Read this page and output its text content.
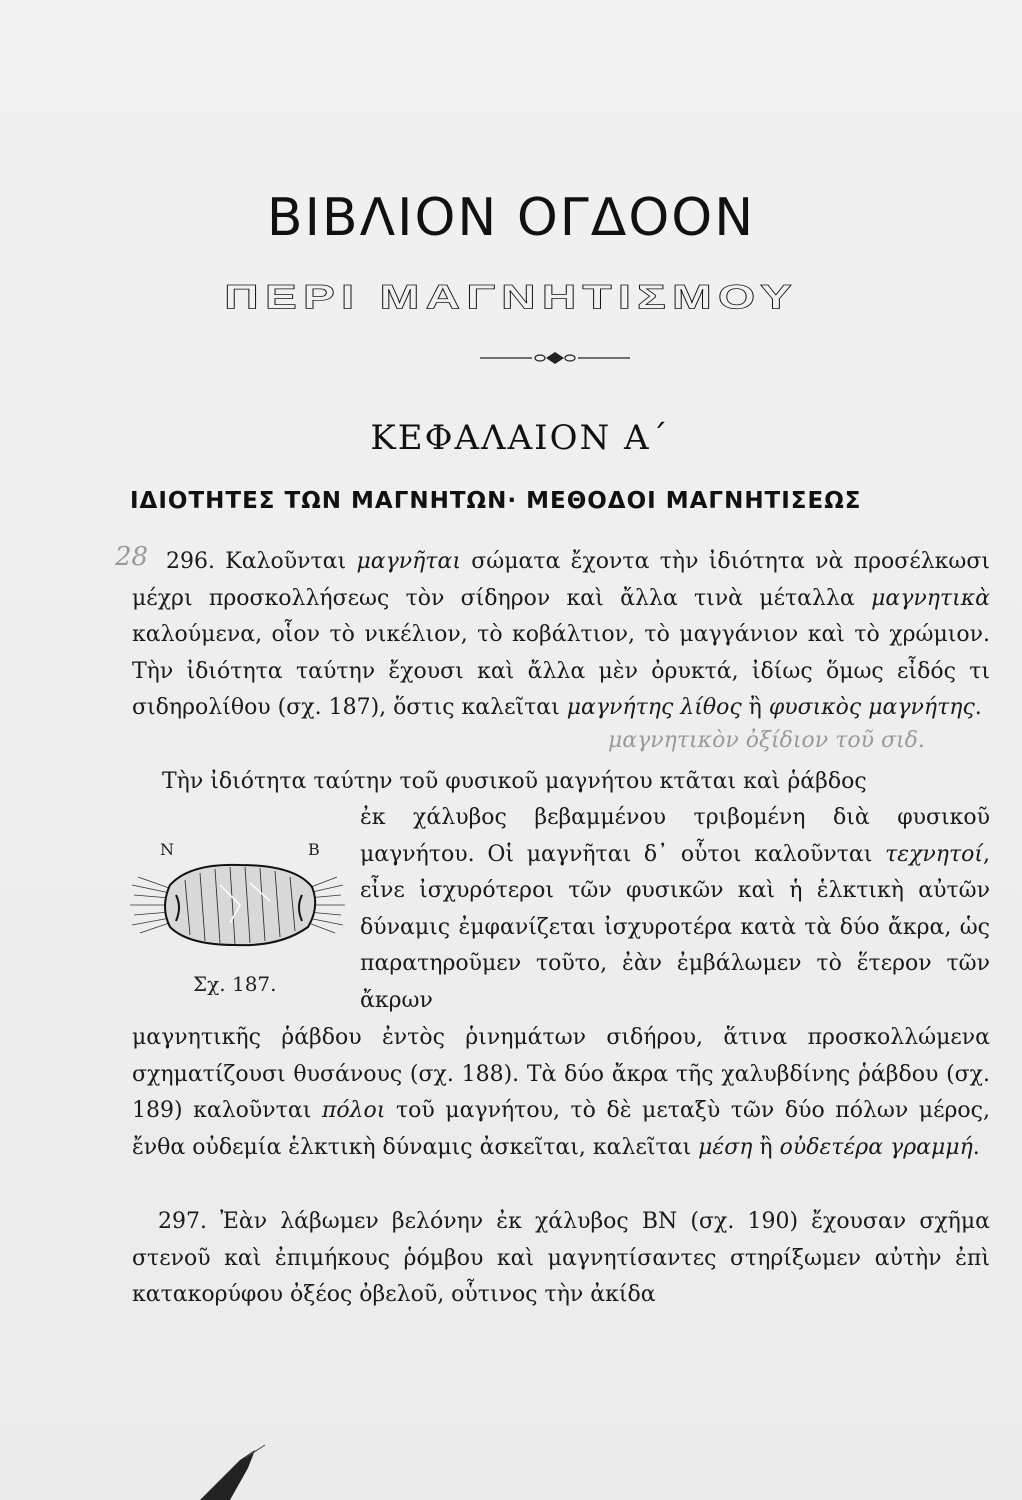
ΒΙΒΛΙΟΝ ΟΓΔΟΟΝ
ΠΕΡΙ ΜΑΓΝΗΤΙΣΜΟΥ
ΚΕΦΑΛΑΙΟΝ Α΄
ΙΔΙΟΤΗΤΕΣ ΤΩΝ ΜΑΓΝΗΤΩΝ· ΜΕΘΟΔΟΙ ΜΑΓΝΗΤΙΣΕΩΣ
28 296. Καλοῦνται μαγνῆται σώματα ἔχοντα τὴν ἰδιότητα νὰ προσέλκωσι μέχρι προσκολλήσεως τὸν σίδηρον καὶ ἄλλα τινὰ μέταλλα μαγνητικὰ καλούμενα, οἷον τὸ νικέλιον, τὸ κοβάλτιον, τὸ μαγγάνιον καὶ τὸ χρώμιον. Τὴν ἰδιότητα ταύτην ἔχουσι καὶ ἄλλα μὲν ὀρυκτά, ἰδίως ὅμως εἶδός τι σιδηρολίθου (σχ. 187), ὅστις καλεῖται μαγνήτης λίθος ἢ φυσικὸς μαγνήτης.
μαγνητικὸν ὀξίδιον τοῦ σιδ.
Τὴν ἰδιότητα ταύτην τοῦ φυσικοῦ μαγνήτου κτᾶται καὶ ῥάβδος
ἐκ χάλυβος βεβαμμένου τριβομένη διὰ φυσικοῦ μαγνήτου. Οἱ μαγνῆται δ᾽ οὗτοι καλοῦνται τεχνητοί, εἶνε ἰσχυρότεροι τῶν φυσικῶν καὶ ἡ ἑλκτικὴ αὐτῶν δύναμις ἐμφανίζεται ἰσχυροτέρα κατὰ τὰ δύο ἄκρα, ὡς παρατηροῦμεν τοῦτο, ἐὰν ἐμβάλωμεν τὸ ἕτερον τῶν ἄκρων
N	B
Σχ. 187.
μαγνητικῆς ῥάβδου ἐντὸς ῥινημάτων σιδήρου, ἅτινα προσκολλώμενα σχηματίζουσι θυσάνους (σχ. 188). Τὰ δύο ἄκρα τῆς χαλυβδίνης ῥάβδου (σχ. 189) καλοῦνται πόλοι τοῦ μαγνήτου, τὸ δὲ μεταξὺ τῶν δύο πόλων μέρος, ἔνθα οὐδεμία ἑλκτικὴ δύναμις ἀσκεῖται, καλεῖται μέση ἢ οὐδετέρα γραμμή.
297. Ἐὰν λάβωμεν βελόνην ἐκ χάλυβος ΒΝ (σχ. 190) ἔχουσαν σχῆμα στενοῦ καὶ ἐπιμήκους ῥόμβου καὶ μαγνητίσαντες στηρίξωμεν αὐτὴν ἐπὶ κατακορύφου ὀξέος ὀβελοῦ, οὗτινος τὴν ἀκίδα
